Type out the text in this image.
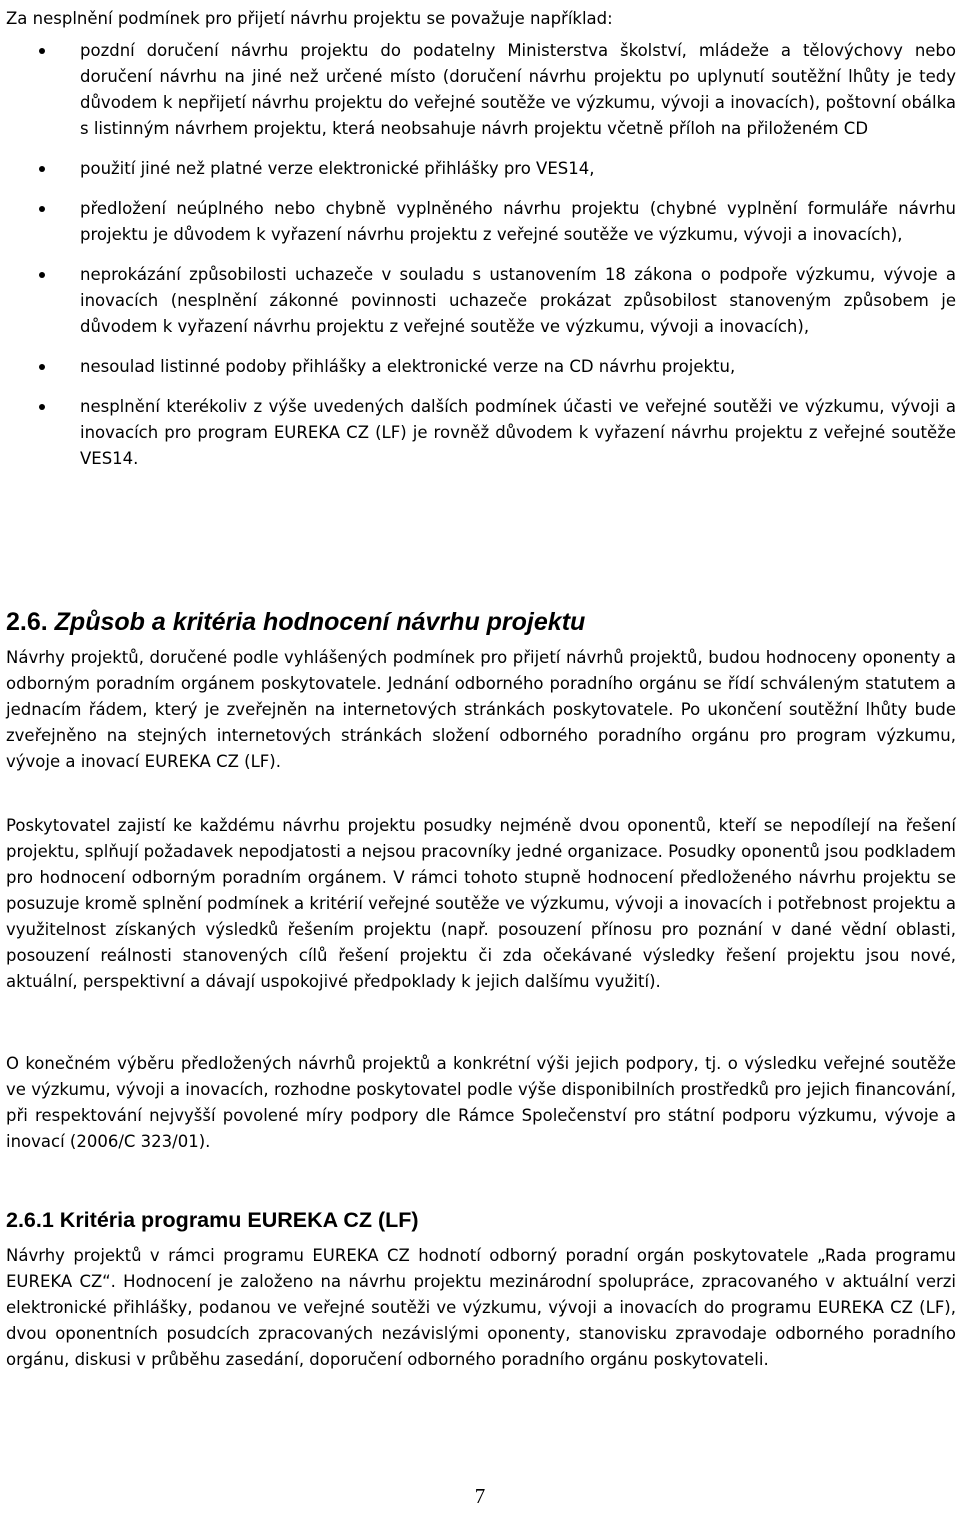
Za nesplnění podmínek pro přijetí návrhu projektu se považuje například:
pozdní doručení návrhu projektu do podatelny Ministerstva školství, mládeže a tělovýchovy nebo doručení návrhu na jiné než určené místo (doručení návrhu projektu po uplynutí soutěžní lhůty je tedy důvodem k nepřijetí návrhu projektu do veřejné soutěže ve výzkumu, vývoji a inovacích), poštovní obálka s listinným návrhem projektu, která neobsahuje návrh projektu včetně příloh na přiloženém CD
použití jiné než platné verze elektronické přihlášky pro VES14,
předložení neúplného nebo chybně vyplněného návrhu projektu (chybné vyplnění formuláře návrhu projektu je důvodem k vyřazení návrhu projektu z veřejné soutěže ve výzkumu, vývoji a inovacích),
neprokázání způsobilosti uchazeče v souladu s ustanovením 18 zákona o podpoře výzkumu, vývoje a inovacích (nesplnění zákonné povinnosti uchazeče prokázat způsobilost stanoveným způsobem je důvodem k vyřazení návrhu projektu z veřejné soutěže ve výzkumu, vývoji a inovacích),
nesoulad listinné podoby přihlášky a elektronické verze na CD návrhu projektu,
nesplnění kterékoliv z výše uvedených dalších podmínek účasti ve veřejné soutěži ve výzkumu, vývoji a inovacích pro program EUREKA CZ (LF) je rovněž důvodem k vyřazení návrhu projektu z veřejné soutěže VES14.
2.6. Způsob a kritéria hodnocení návrhu projektu

Návrhy projektů, doručené podle vyhlášených podmínek pro přijetí návrhů projektů, budou hodnoceny oponenty a odborným poradním orgánem poskytovatele. Jednání odborného poradního orgánu se řídí schváleným statutem a jednacím řádem, který je zveřejněn na internetových stránkách poskytovatele. Po ukončení soutěžní lhůty bude zveřejněno na stejných internetových stránkách složení odborného poradního orgánu pro program výzkumu, vývoje a inovací EUREKA CZ (LF).

Poskytovatel zajistí ke každému návrhu projektu posudky nejméně dvou oponentů, kteří se nepodílejí na řešení projektu, splňují požadavek nepodjatosti a nejsou pracovníky jedné organizace. Posudky oponentů jsou podkladem pro hodnocení odborným poradním orgánem. V rámci tohoto stupně hodnocení předloženého návrhu projektu se posuzuje kromě splnění podmínek a kritérií veřejné soutěže ve výzkumu, vývoji a inovacích i potřebnost projektu a využitelnost získaných výsledků řešením projektu (např. posouzení přínosu pro poznání v dané vědní oblasti, posouzení reálnosti stanovených cílů řešení projektu či zda očekávané výsledky řešení projektu jsou nové, aktuální, perspektivní a dávají uspokojivé předpoklady k jejich dalšímu využití).

O konečném výběru předložených návrhů projektů a konkrétní výši jejich podpory, tj. o výsledku veřejné soutěže ve výzkumu, vývoji a inovacích, rozhodne poskytovatel podle výše disponibilních prostředků pro jejich financování, při respektování nejvyšší povolené míry podpory dle Rámce Společenství pro státní podporu výzkumu, vývoje a inovací (2006/C 323/01).

2.6.1 Kritéria programu EUREKA CZ (LF)

Návrhy projektů v rámci programu EUREKA CZ hodnotí odborný poradní orgán poskytovatele „Rada programu EUREKA CZ“. Hodnocení je založeno na návrhu projektu mezinárodní spolupráce, zpracovaného v aktuální verzi elektronické přihlášky, podanou ve veřejné soutěži ve výzkumu, vývoji a inovacích do programu EUREKA CZ (LF), dvou oponentních posudcích zpracovaných nezávislými oponenty, stanovisku zpravodaje odborného poradního orgánu, diskusi v průběhu zasedání, doporučení odborného poradního orgánu poskytovateli.

7
